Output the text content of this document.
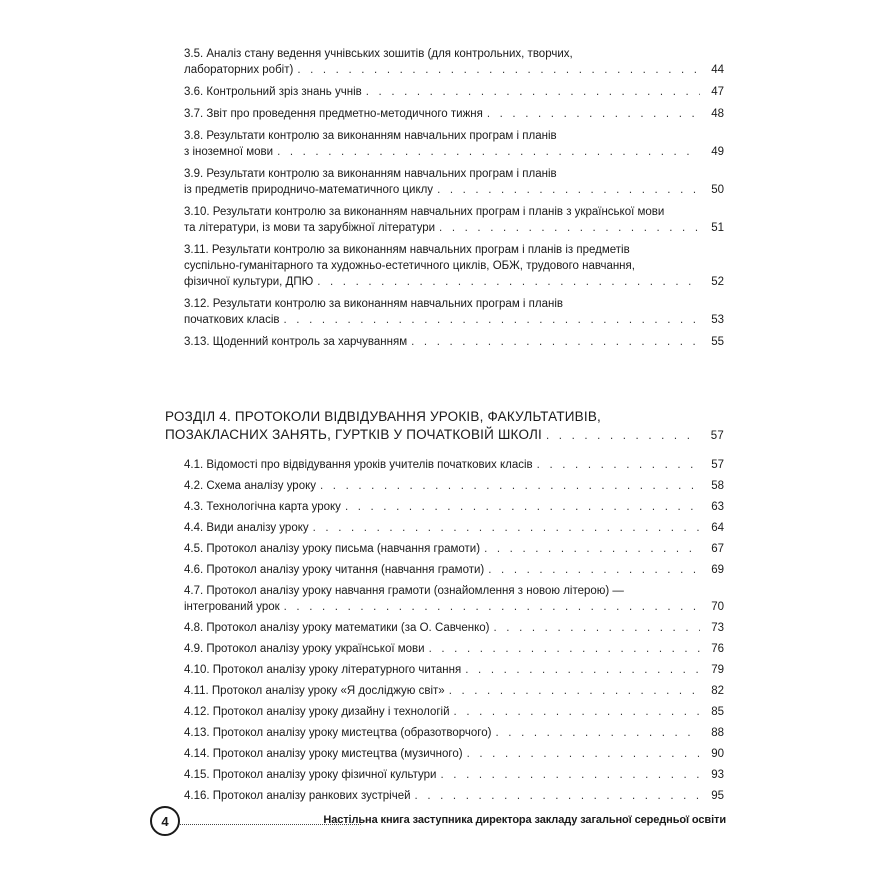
3.5. Аналіз стану ведення учнівських зошитів (для контрольних, творчих,
лабораторних робіт) . . .	44
3.6. Контрольний зріз знань учнів . . .	47
3.7. Звіт про проведення предметно-методичного тижня . . .	48
3.8. Результати контролю за виконанням навчальних програм і планів
з іноземної мови . . .	49
3.9. Результати контролю за виконанням навчальних програм і планів
із предметів природничо-математичного циклу . . .	50
3.10. Результати контролю за виконанням навчальних програм і планів з української мови
та літератури, із мови та зарубіжної літератури . . .	51
3.11. Результати контролю за виконанням навчальних програм і планів із предметів
суспільно-гуманітарного та художньо-естетичного циклів, ОБЖ, трудового навчання,
фізичної культури, ДПЮ . . .	52
3.12. Результати контролю за виконанням навчальних програм і планів
початкових класів . . .	53
3.13. Щоденний контроль за харчуванням . . .	55
РОЗДІЛ 4. ПРОТОКОЛИ ВІДВІДУВАННЯ УРОКІВ, ФАКУЛЬТАТИВІВ,
ПОЗАКЛАСНИХ ЗАНЯТЬ, ГУРТКІВ У ПОЧАТКОВІЙ ШКОЛІ . . .	57
4.1. Відомості про відвідування уроків учителів початкових класів . . .	57
4.2. Схема аналізу уроку . . .	58
4.3. Технологічна карта уроку . . .	63
4.4. Види аналізу уроку . . .	64
4.5. Протокол аналізу уроку письма (навчання грамоти) . . .	67
4.6. Протокол аналізу уроку читання (навчання грамоти) . . .	69
4.7. Протокол аналізу уроку навчання грамоти (ознайомлення з новою літерою) —
інтегрований урок . . .	70
4.8. Протокол аналізу уроку математики (за О. Савченко) . . .	73
4.9. Протокол аналізу уроку української мови . . .	76
4.10. Протокол аналізу уроку літературного читання . . .	79
4.11. Протокол аналізу уроку «Я досліджую світ» . . .	82
4.12. Протокол аналізу уроку дизайну і технологій . . .	85
4.13. Протокол аналізу уроку мистецтва (образотворчого) . . .	88
4.14. Протокол аналізу уроку мистецтва (музичного) . . .	90
4.15. Протокол аналізу уроку фізичної культури . . .	93
4.16. Протокол аналізу ранкових зустрічей . . .	95
4	Настільна книга заступника директора закладу загальної середньої освіти
